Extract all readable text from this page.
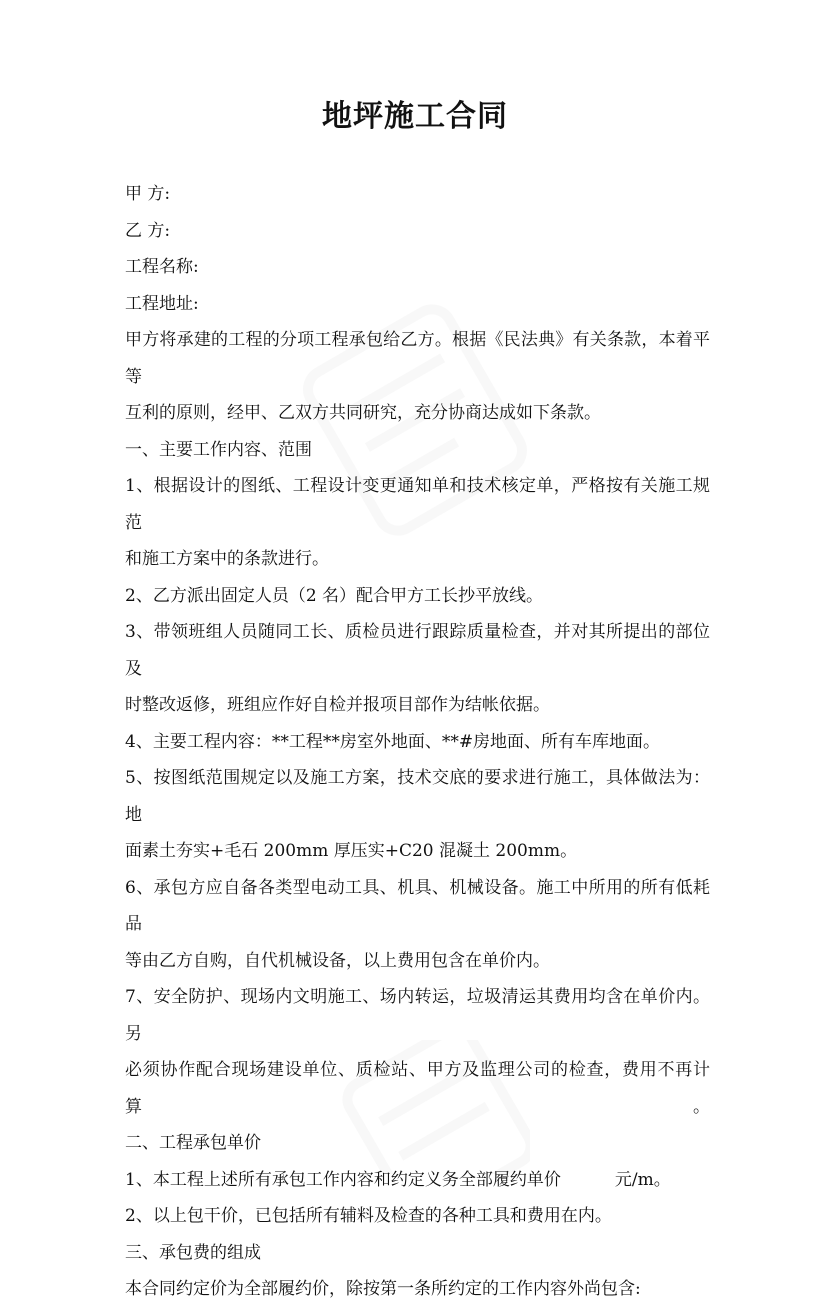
地坪施工合同

甲 方:

乙 方:

工程名称:

工程地址:

甲方将承建的工程的分项工程承包给乙方。根据《民法典》有关条款，本着平等

互利的原则，经甲、乙双方共同研究，充分协商达成如下条款。

一、主要工作内容、范围

1、根据设计的图纸、工程设计变更通知单和技术核定单，严格按有关施工规范

和施工方案中的条款进行。

2、乙方派出固定人员（2 名）配合甲方工长抄平放线。

3、带领班组人员随同工长、质检员进行跟踪质量检查，并对其所提出的部位及

时整改返修，班组应作好自检并报项目部作为结帐依据。

4、主要工程内容：**工程**房室外地面、**#房地面、所有车库地面。

5、按图纸范围规定以及施工方案，技术交底的要求进行施工，具体做法为：地

面素土夯实+毛石 200mm 厚压实+C20 混凝土 200mm。

6、承包方应自备各类型电动工具、机具、机械设备。施工中所用的所有低耗品

等由乙方自购，自代机械设备，以上费用包含在单价内。

7、安全防护、现场内文明施工、场内转运，垃圾清运其费用均含在单价内。另

必须协作配合现场建设单位、质检站、甲方及监理公司的检查，费用不再计算。

二、工程承包单价

1、本工程上述所有承包工作内容和约定义务全部履约单价          元/m。

2、以上包干价，已包括所有辅料及检查的各种工具和费用在内。

三、承包费的组成

本合同约定价为全部履约价，除按第一条所约定的工作内容外尚包含:
